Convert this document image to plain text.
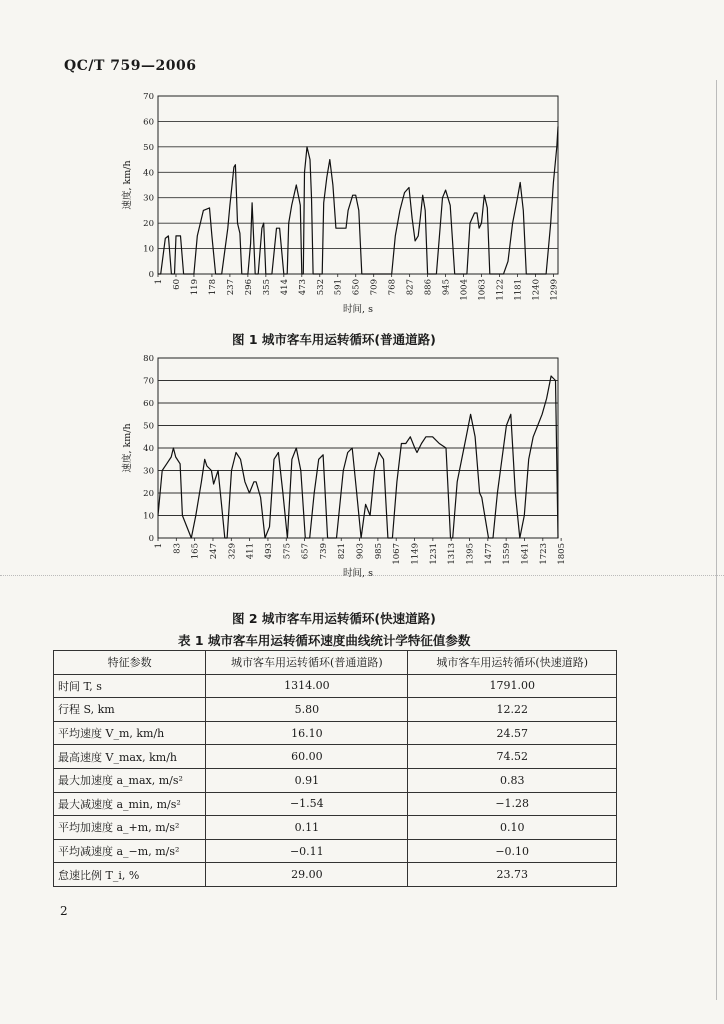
QC/T 759—2006
0
10
20
30
40
50
60
70
1 60 119 178 237 296 355 414 473 532 591 650 709 768 827 886 945 1004 1063 1122 1181 1240 1299
速度, km/h
时间, s
图 1 城市客车用运转循环(普通道路)
0
10
20
30
40
50
60
70
80
1 83 165 247 329 411 493 575 657 739 821 903 985 1067 1149 1231 1313 1395 1477 1559 1641 1723 1805
速度, km/h
时间, s
图 2 城市客车用运转循环(快速道路)
表 1 城市客车用运转循环速度曲线统计学特征值参数
特征参数	城市客车用运转循环(普通道路)	城市客车用运转循环(快速道路)
时间 T, s	1314.00	1791.00
行程 S, km	5.80	12.22
平均速度 V_m, km/h	16.10	24.57
最高速度 V_max, km/h	60.00	74.52
最大加速度 a_max, m/s²	0.91	0.83
最大减速度 a_min, m/s²	−1.54	−1.28
平均加速度 a_+m, m/s²	0.11	0.10
平均减速度 a_−m, m/s²	−0.11	−0.10
怠速比例 T_i, %	29.00	23.73
2
